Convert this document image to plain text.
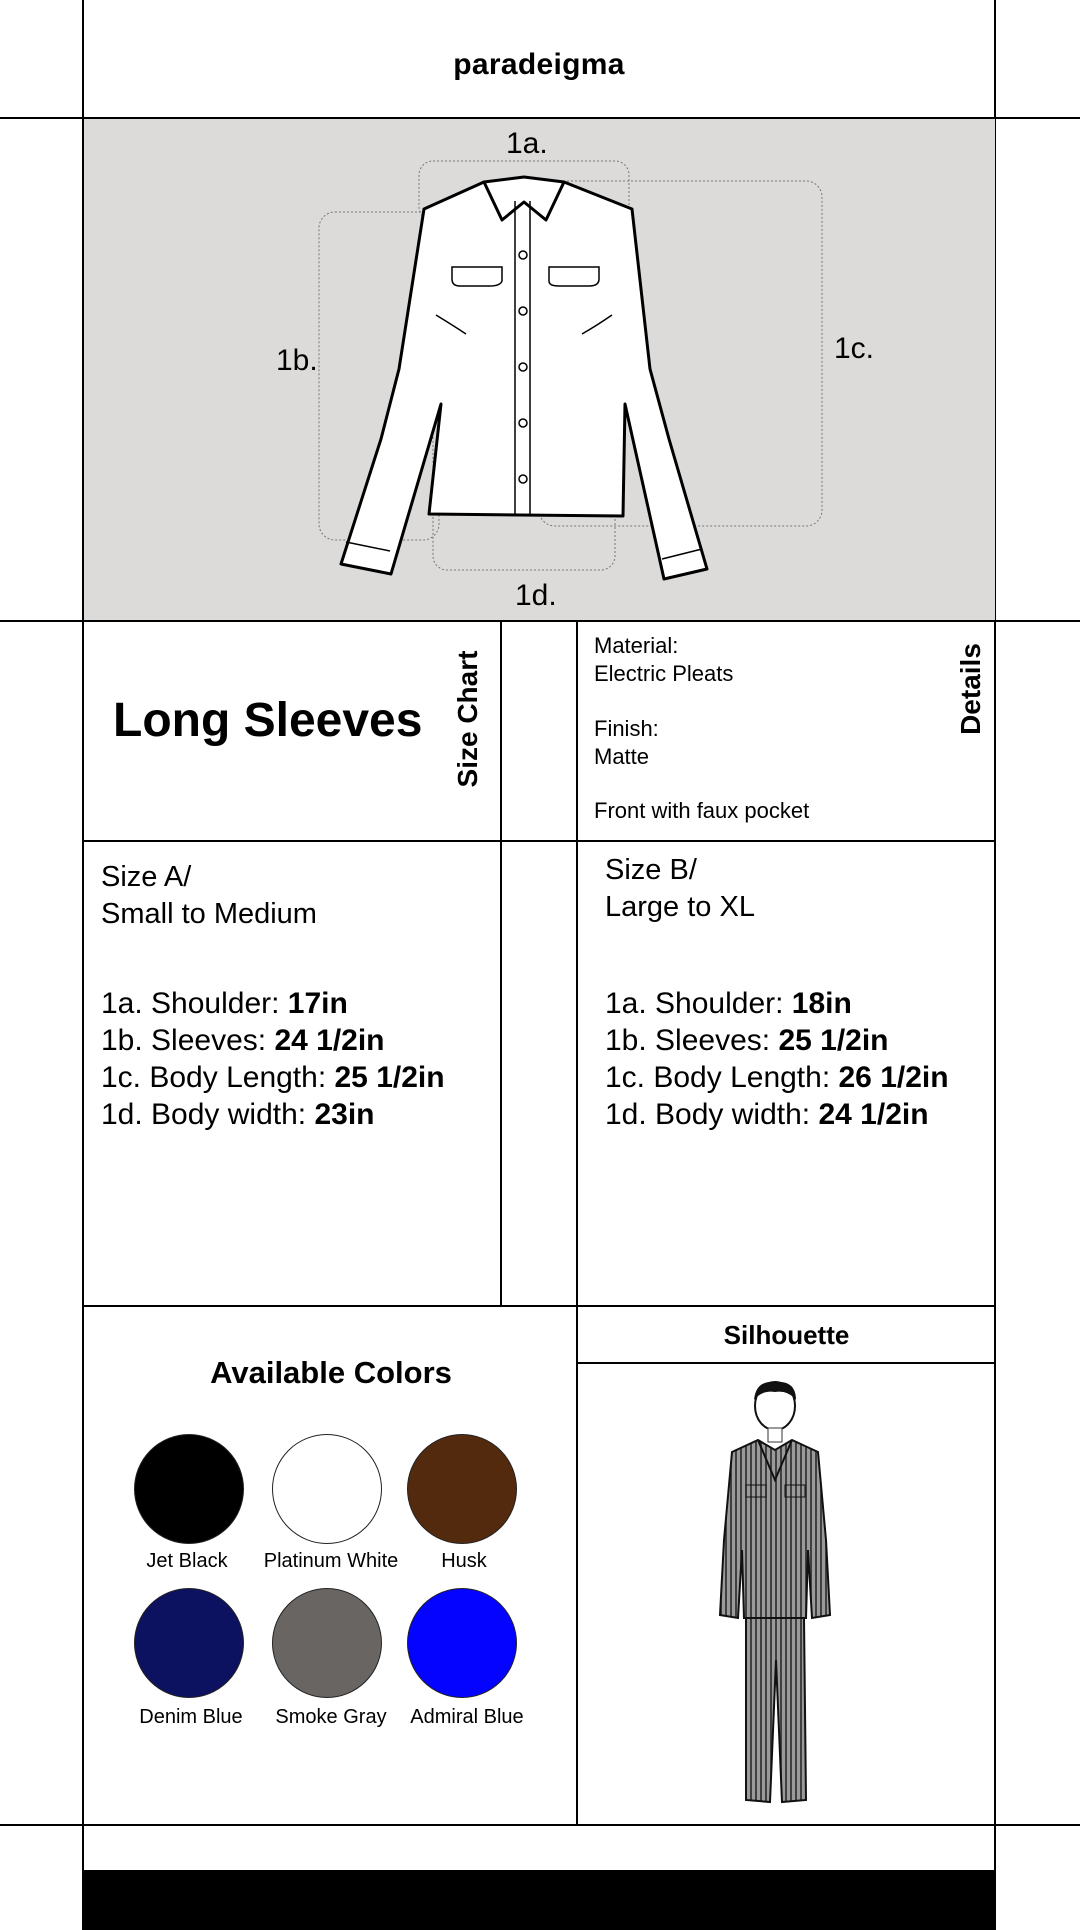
paradeigma
1a.
1b.	1c.
1d.
Long Sleeves Size Chart	Details
Material:
Electric Pleats
Finish:
Matte
Front with faux pocket
Size A/
Small to Medium
1a. Shoulder: 17in
1b. Sleeves: 24 1/2in
1c. Body Length: 25 1/2in
1d. Body width: 23in
Size B/
Large to XL
1a. Shoulder: 18in
1b. Sleeves: 25 1/2in
1c. Body Length: 26 1/2in
1d. Body width: 24 1/2in
Available Colors
Jet Black	Platinum White	Husk
Denim Blue	Smoke Gray	Admiral Blue
Silhouette
